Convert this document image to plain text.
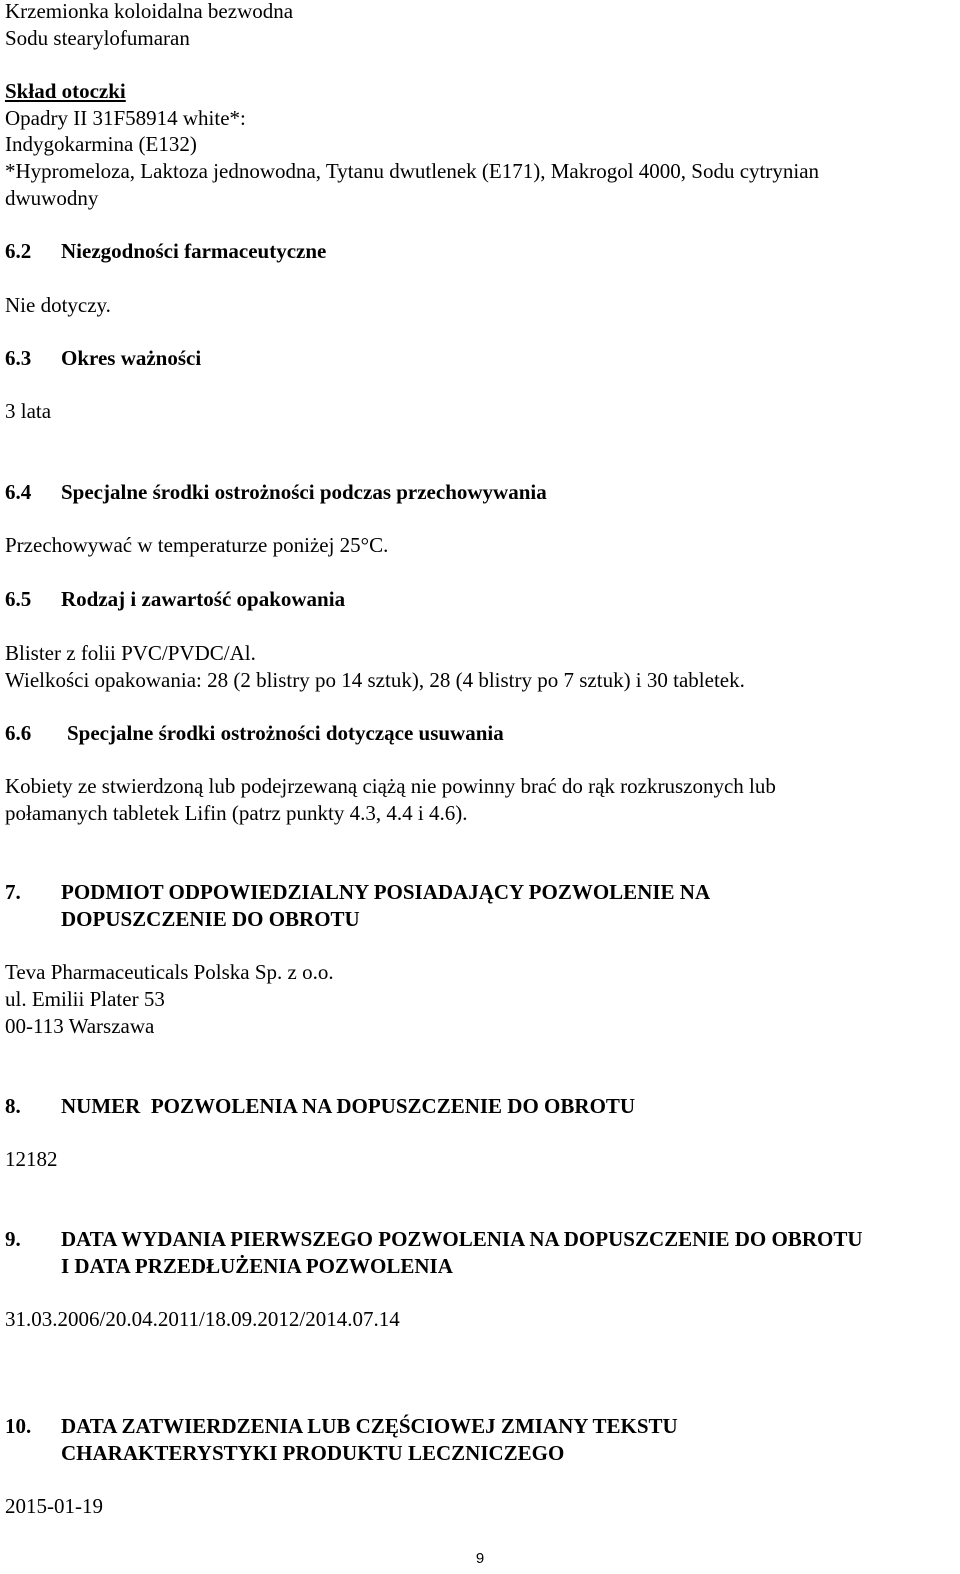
Krzemionka koloidalna bezwodna
Sodu stearylofumaran
Skład otoczki
Opadry II 31F58914 white*:
Indygokarmina (E132)
*Hypromeloza, Laktoza jednowodna, Tytanu dwutlenek (E171), Makrogol 4000, Sodu cytrynian
dwuwodny
6.2 Niezgodności farmaceutyczne
Nie dotyczy.
6.3 Okres ważności
3 lata
6.4 Specjalne środki ostrożności podczas przechowywania
Przechowywać w temperaturze poniżej 25°C.
6.5 Rodzaj i zawartość opakowania
Blister z folii PVC/PVDC/Al.
Wielkości opakowania: 28 (2 blistry po 14 sztuk), 28 (4 blistry po 7 sztuk) i 30 tabletek.
6.6 Specjalne środki ostrożności dotyczące usuwania
Kobiety ze stwierdzoną lub podejrzewaną ciążą nie powinny brać do rąk rozkruszonych lub
połamanych tabletek Lifin (patrz punkty 4.3, 4.4 i 4.6).
7. PODMIOT ODPOWIEDZIALNY POSIADAJĄCY POZWOLENIE NA
DOPUSZCZENIE DO OBROTU
Teva Pharmaceuticals Polska Sp. z o.o.
ul. Emilii Plater 53
00-113 Warszawa
8. NUMER  POZWOLENIA NA DOPUSZCZENIE DO OBROTU
12182
9. DATA WYDANIA PIERWSZEGO POZWOLENIA NA DOPUSZCZENIE DO OBROTU
I DATA PRZEDŁUŻENIA POZWOLENIA
31.03.2006/20.04.2011/18.09.2012/2014.07.14
10. DATA ZATWIERDZENIA LUB CZĘŚCIOWEJ ZMIANY TEKSTU
CHARAKTERYSTYKI PRODUKTU LECZNICZEGO
2015-01-19
9
